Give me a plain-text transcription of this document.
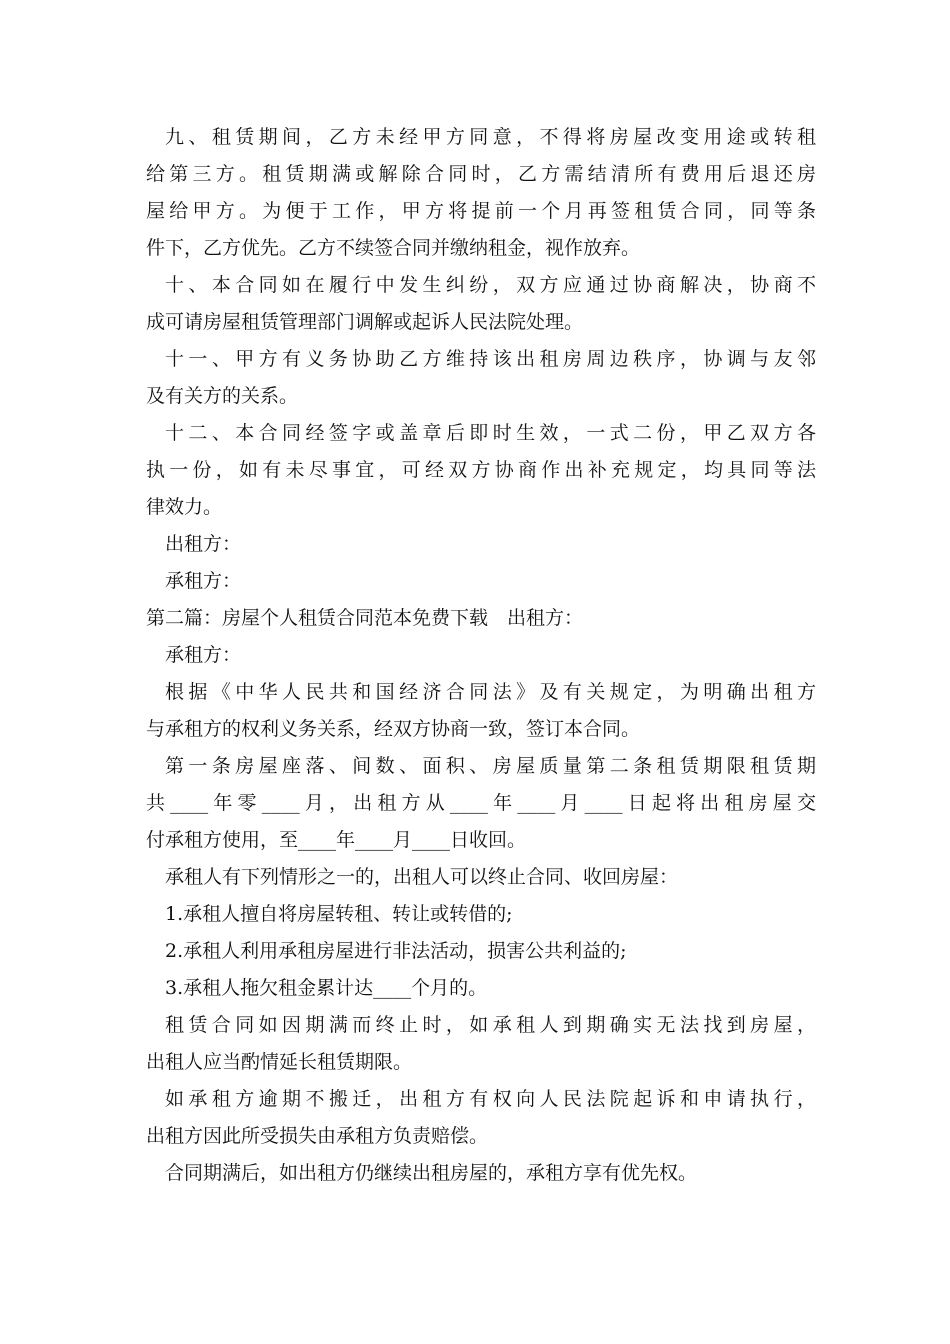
九、租赁期间，乙方未经甲方同意，不得将房屋改变用途或转租
给第三方。租赁期满或解除合同时，乙方需结清所有费用后退还房
屋给甲方。为便于工作，甲方将提前一个月再签租赁合同，同等条
件下，乙方优先。乙方不续签合同并缴纳租金，视作放弃。
十、本合同如在履行中发生纠纷，双方应通过协商解决，协商不
成可请房屋租赁管理部门调解或起诉人民法院处理。
十一、甲方有义务协助乙方维持该出租房周边秩序，协调与友邻
及有关方的关系。
十二、本合同经签字或盖章后即时生效，一式二份，甲乙双方各
执一份，如有未尽事宜，可经双方协商作出补充规定，均具同等法
律效力。
出租方：
承租方：
第二篇：房屋个人租赁合同范本免费下载　出租方：
承租方：
根据《中华人民共和国经济合同法》及有关规定，为明确出租方
与承租方的权利义务关系，经双方协商一致，签订本合同。
第一条房屋座落、间数、面积、房屋质量第二条租赁期限租赁期
共____年零____月，出租方从____年____月____日起将出租房屋交
付承租方使用，至____年____月____日收回。
承租人有下列情形之一的，出租人可以终止合同、收回房屋：
1.承租人擅自将房屋转租、转让或转借的;
2.承租人利用承租房屋进行非法活动，损害公共利益的;
3.承租人拖欠租金累计达____个月的。
租赁合同如因期满而终止时，如承租人到期确实无法找到房屋，
出租人应当酌情延长租赁期限。
如承租方逾期不搬迁，出租方有权向人民法院起诉和申请执行，
出租方因此所受损失由承租方负责赔偿。
合同期满后，如出租方仍继续出租房屋的，承租方享有优先权。
